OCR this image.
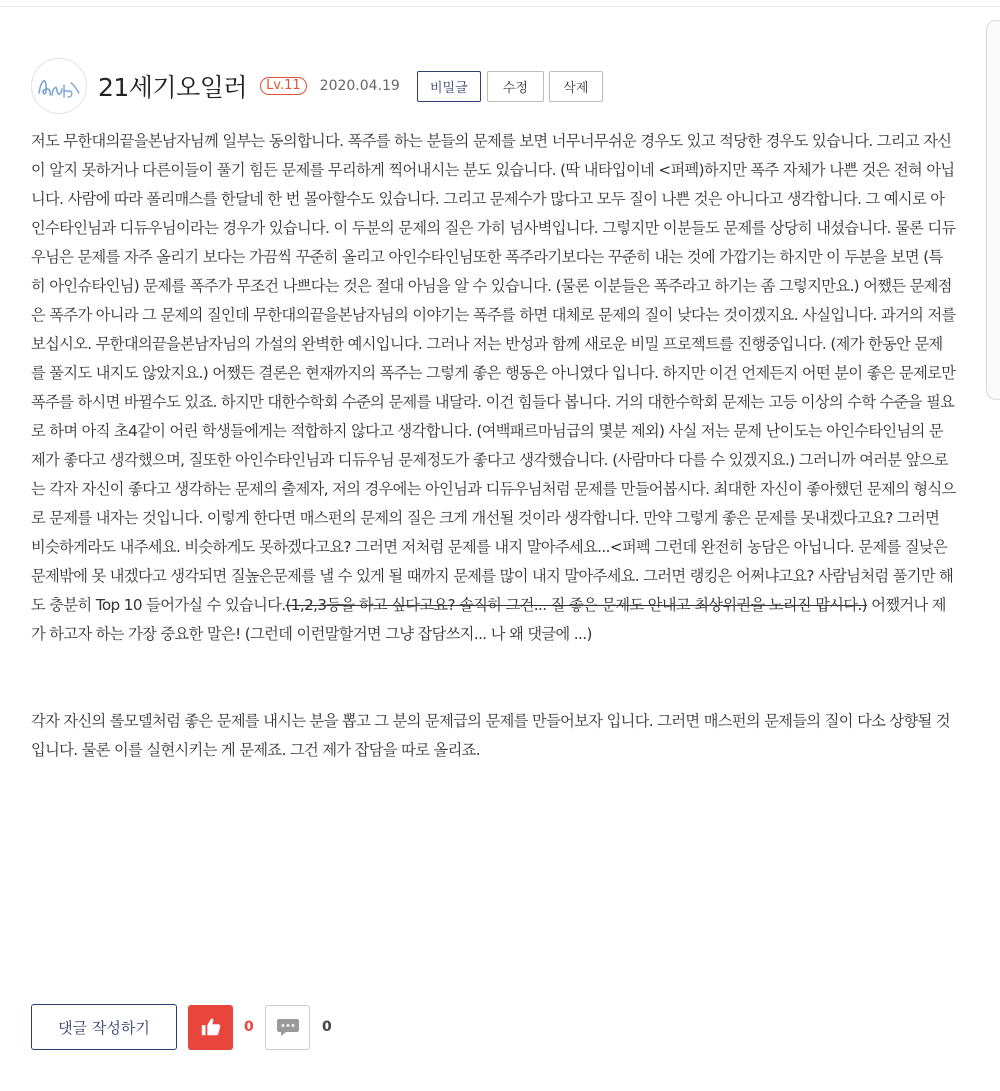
21세기오일러	Lv.11	2020.04.19	비밀글	수정	삭제

저도 무한대의끝을본남자님께 일부는 동의합니다. 폭주를 하는 분들의 문제를 보면 너무너무쉬운 경우도 있고 적당한 경우도 있습니다. 그리고 자신이 알지 못하거나 다른이들이 풀기 힘든 문제를 무리하게 찍어내시는 분도 있습니다. (딱 내타입이네 <퍼펙)하지만 폭주 자체가 나쁜 것은 전혀 아닙니다. 사람에 따라 폴리매스를 한달네 한 번 몰아할수도 있습니다. 그리고 문제수가 많다고 모두 질이 나쁜 것은 아니다고 생각합니다. 그 예시로 아인수타인님과 디듀우님이라는 경우가 있습니다. 이 두분의 문제의 질은 가히 넘사벽입니다. 그렇지만 이분들도 문제를 상당히 내셨습니다. 물론 디듀우님은 문제를 자주 올리기 보다는 가끔씩 꾸준히 올리고 아인수타인님또한 폭주라기보다는 꾸준히 내는 것에 가깝기는 하지만 이 두분을 보면 (특히 아인슈타인님) 문제를 폭주가 무조건 나쁘다는 것은 절대 아님을 알 수 있습니다. (물론 이분들은 폭주라고 하기는 좀 그렇지만요.) 어쨌든 문제점은 폭주가 아니라 그 문제의 질인데 무한대의끝을본남자님의 이야기는 폭주를 하면 대체로 문제의 질이 낮다는 것이겠지요. 사실입니다. 과거의 저를 보십시오. 무한대의끝을본남자님의 가설의 완벽한 예시입니다. 그러나 저는 반성과 함께 새로운 비밀 프로젝트를 진행중입니다. (제가 한동안 문제를 풀지도 내지도 않았지요.) 어쨌든 결론은 현재까지의 폭주는 그렇게 좋은 행동은 아니였다 입니다. 하지만 이건 언제든지 어떤 분이 좋은 문제로만 폭주를 하시면 바뀔수도 있죠. 하지만 대한수학회 수준의 문제를 내달라. 이건 힘들다 봅니다. 거의 대한수학회 문제는 고등 이상의 수학 수준을 필요로 하며 아직 초4같이 어린 학생들에게는 적합하지 않다고 생각합니다. (여백패르마님급의 몇분 제외) 사실 저는 문제 난이도는 아인수타인님의 문제가 좋다고 생각했으며, 질또한 아인수타인님과 디듀우님 문제정도가 좋다고 생각했습니다. (사람마다 다를 수 있겠지요.) 그러니까 여러분 앞으로는 각자 자신이 좋다고 생각하는 문제의 출제자, 저의 경우에는 아인님과 디듀우님처럼 문제를 만들어봅시다. 최대한 자신이 좋아했던 문제의 형식으로 문제를 내자는 것입니다. 이렇게 한다면 매스펀의 문제의 질은 크게 개선될 것이라 생각합니다. 만약 그렇게 좋은 문제를 못내겠다고요? 그러면 비슷하게라도 내주세요. 비슷하게도 못하겠다고요? 그러면 저처럼 문제를 내지 말아주세요...<퍼펙 그런데 완전히 농담은 아닙니다. 문제를 질낮은 문제밖에 못 내겠다고 생각되면 질높은문제를 낼 수 있게 될 때까지 문제를 많이 내지 말아주세요. 그러면 랭킹은 어쩌냐고요? 사람님처럼 풀기만 해도 충분히 Top 10 들어가실 수 있습니다.(1,2,3등을 하고 싶다고요? 솔직히 그건... 질 좋은 문제도 안내고 최상위권을 노리진 맙시다.) 어쨌거나 제가 하고자 하는 가장 중요한 말은! (그런데 이런말할거면 그냥 잡담쓰지... 나 왜 댓글에 ...)

각자 자신의 롤모델처럼 좋은 문제를 내시는 분을 뽑고 그 분의 문제급의 문제를 만들어보자 입니다. 그러면 매스펀의 문제들의 질이 다소 상향될 것입니다. 물론 이를 실현시키는 게 문제죠. 그건 제가 잡담을 따로 올리죠.

댓글 작성하기	0	0
